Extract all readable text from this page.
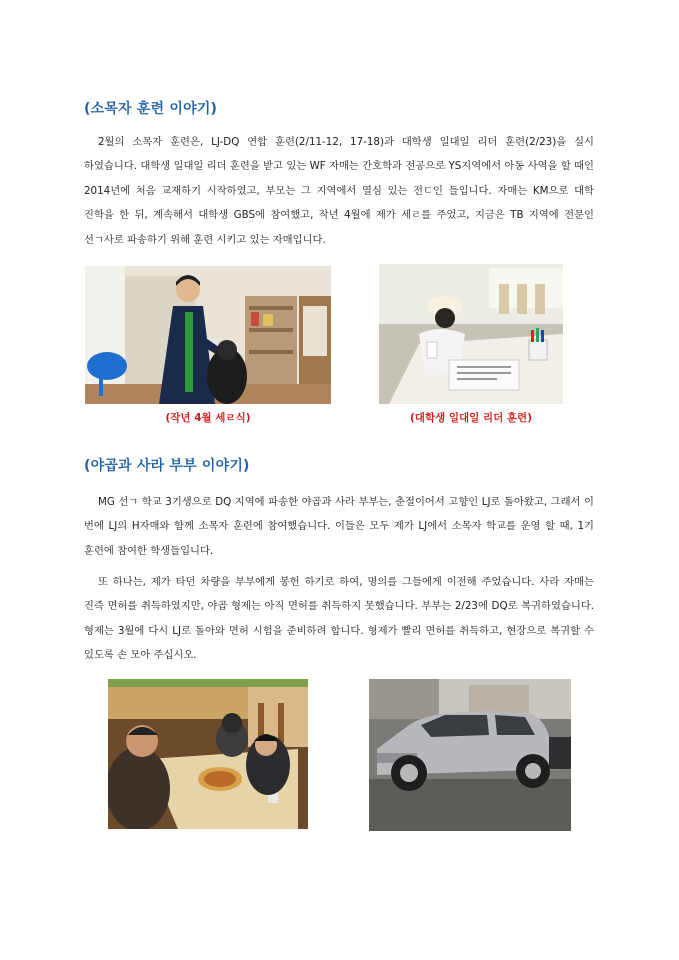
(소목자 훈련 이야기)

2월의 소목자 훈련은, LJ-DQ 연합 훈련(2/11-12, 17-18)과 대학생 일대일 리더 훈련(2/23)을 실시 하였습니다. 대학생 일대일 리더 훈련을 받고 있는 WF 자매는 간호학과 전공으로 YS지역에서 아동 사역을 할 때인 2014년에 처음 교재하기 시작하였고, 부모는 그 지역에서 열심 있는 전ㄷ인 들입니다. 자매는 KM으로 대학 진학을 한 뒤, 계속해서 대학생 GBS에 참여했고, 작년 4월에 제가 세ㄹ를 주었고, 지금은 TB 지역에 전문인 선ㄱ사로 파송하기 위해 훈련 시키고 있는 자매입니다.

(작년 4월 세ㄹ식)	(대학생 일대일 리더 훈련)

(야곱과 사라 부부 이야기)

MG 선ㄱ 학교 3기생으로 DQ 지역에 파송한 야곱과 사라 부부는, 춘절이어서 고향인 LJ로 돌아왔고, 그래서 이 번에 LJ의 H자매와 함께 소목자 훈련에 참여했습니다. 이들은 모두 제가 LJ에서 소목자 학교를 운영 할 때, 1기 훈련에 참여한 학생들입니다.

또 하나는, 제가 타던 차량을 부부에게 봉헌 하기로 하여, 명의를 그들에게 이전해 주었습니다. 사라 자매는 진즉 면허를 취득하였지만, 야곱 형제는 아직 면허를 취득하지 못했습니다. 부부는 2/23에 DQ로 복귀하였습니다. 형제는 3월에 다시 LJ로 돌아와 면허 시험을 준비하려 합니다. 형제가 빨리 면허를 취득하고, 현장으로 복귀할 수 있도록 손 모아 주십시오.
